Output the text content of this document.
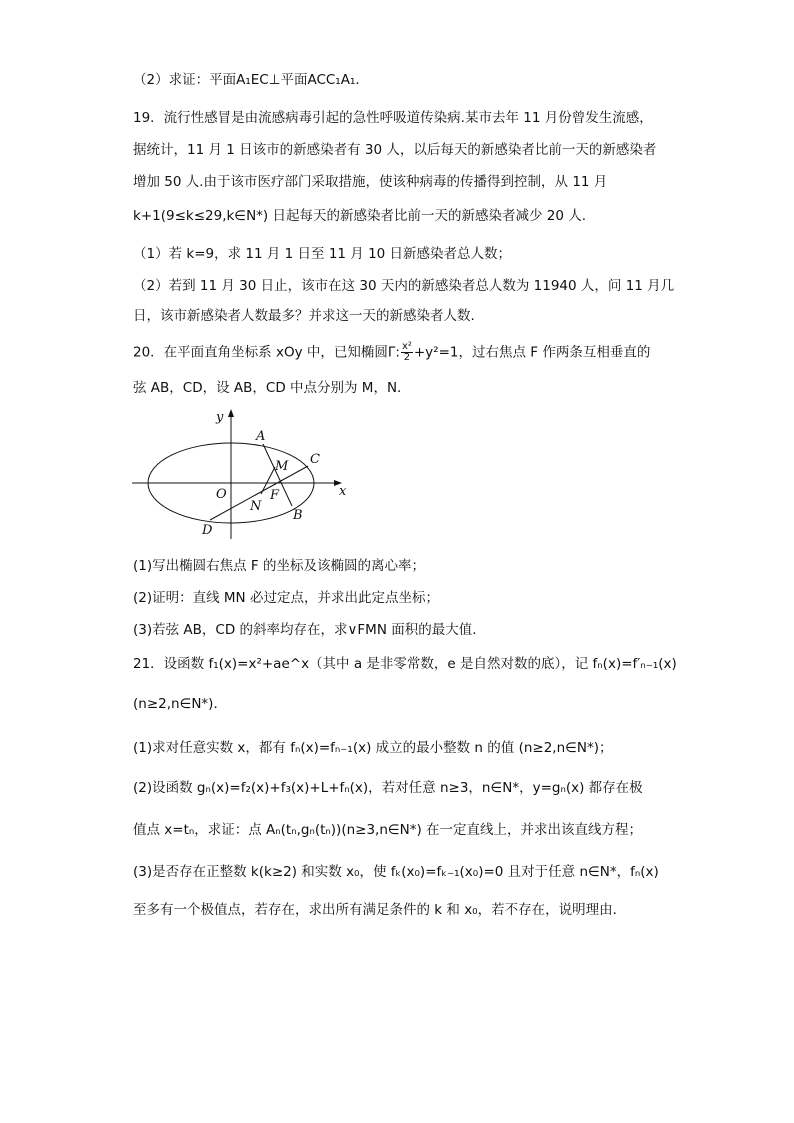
（2）求证：平面A₁EC⊥平面ACC₁A₁．
19．流行性感冒是由流感病毒引起的急性呼吸道传染病.某市去年 11 月份曾发生流感，
据统计，11 月 1 日该市的新感染者有 30 人，以后每天的新感染者比前一天的新感染者
增加 50 人.由于该市医疗部门采取措施，使该种病毒的传播得到控制，从 11 月
k+1(9≤k≤29,k∈N*) 日起每天的新感染者比前一天的新感染者减少 20 人.
（1）若 k=9，求 11 月 1 日至 11 月 10 日新感染者总人数；
（2）若到 11 月 30 日止，该市在这 30 天内的新感染者总人数为 11940 人，问 11 月几
日，该市新感染者人数最多？并求这一天的新感染者人数.
20．在平面直角坐标系 xOy 中，已知椭圆Γ: $\frac{\text{x²}}{2} +y^2=1$，过右焦点 F 作两条互相垂直的
弦 AB，CD，设 AB，CD 中点分别为 M，N．
y
x
O
A
B
C
D
M
N
F
(1)写出椭圆右焦点 F 的坐标及该椭圆的离心率；
(2)证明：直线 MN 必过定点，并求出此定点坐标；
(3)若弦 AB，CD 的斜率均存在，求∨FMN 面积的最大值．
21．设函数 f₁(x)=x²+ae^x（其中 a 是非零常数，e 是自然对数的底），记 fₙ(x)=f′ₙ₋₁(x)
(n≥2,n∈N*)．
(1)求对任意实数 x，都有 fₙ(x)=fₙ₋₁(x) 成立的最小整数 n 的值 (n≥2,n∈N*)；
(2)设函数 gₙ(x)=f₂(x)+f₃(x)+L+fₙ(x)，若对任意 n≥3，n∈N*，y=gₙ(x) 都存在极
值点 x=tₙ，求证：点 Aₙ(tₙ,gₙ(tₙ))(n≥3,n∈N*) 在一定直线上，并求出该直线方程；
(3)是否存在正整数 k(k≥2) 和实数 x₀，使 fₖ(x₀)=fₖ₋₁(x₀)=0 且对于任意 n∈N*，fₙ(x)
至多有一个极值点，若存在，求出所有满足条件的 k 和 x₀，若不存在，说明理由．
